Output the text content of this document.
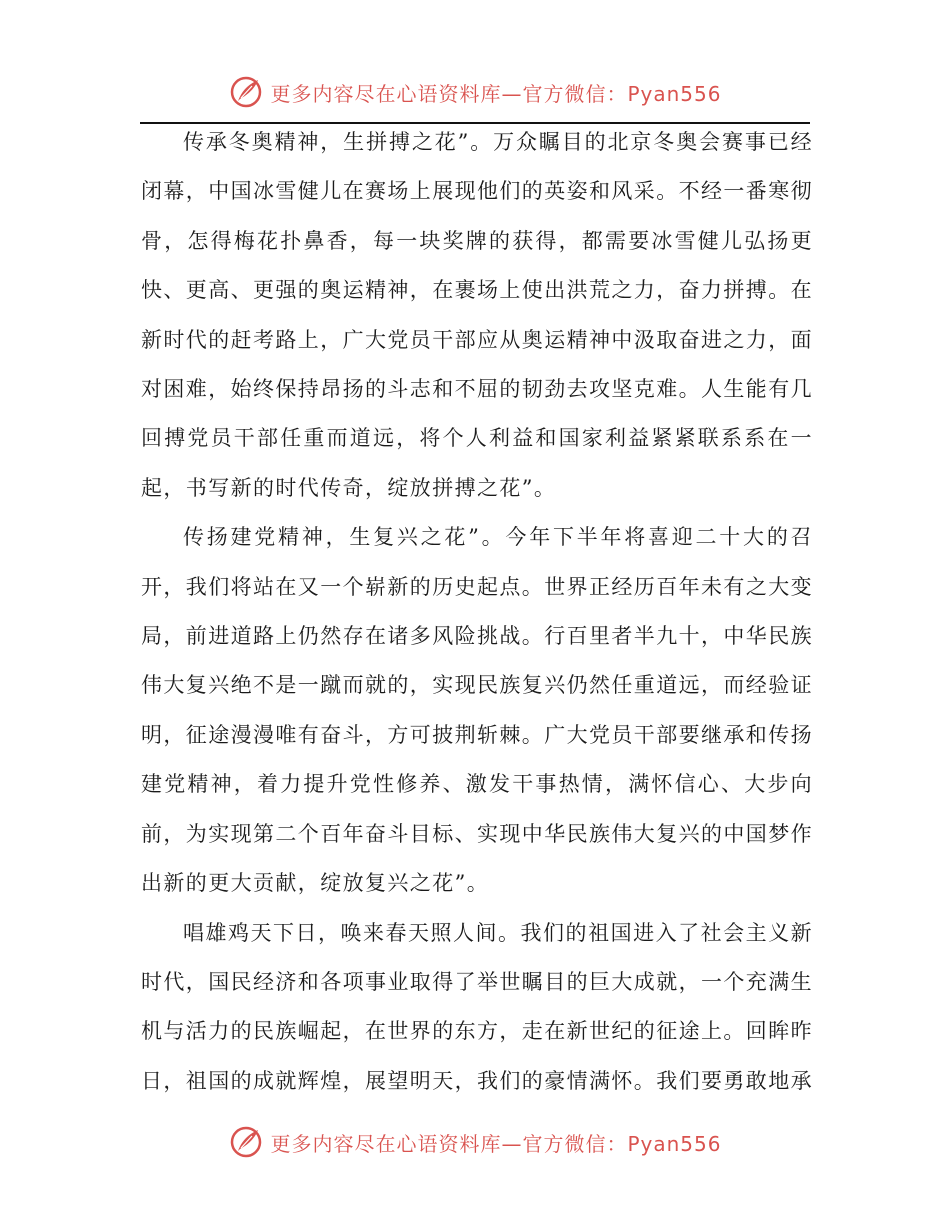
更多内容尽在心语资料库—官方微信：Pyan556

传承冬奥精神，生拼搏之花”。万众瞩目的北京冬奥会赛事已经闭幕，中国冰雪健儿在赛场上展现他们的英姿和风采。不经一番寒彻骨，怎得梅花扑鼻香，每一块奖牌的获得，都需要冰雪健儿弘扬更快、更高、更强的奥运精神，在裹场上使出洪荒之力，奋力拼搏。在新时代的赶考路上，广大党员干部应从奥运精神中汲取奋进之力，面对困难，始终保持昂扬的斗志和不屈的韧劲去攻坚克难。人生能有几回搏党员干部任重而道远，将个人利益和国家利益紧紧联系系在一起，书写新的时代传奇，绽放拼搏之花”。

传扬建党精神，生复兴之花”。今年下半年将喜迎二十大的召开，我们将站在又一个崭新的历史起点。世界正经历百年未有之大变局，前进道路上仍然存在诸多风险挑战。行百里者半九十，中华民族伟大复兴绝不是一蹴而就的，实现民族复兴仍然任重道远，而经验证明，征途漫漫唯有奋斗，方可披荆斩棘。广大党员干部要继承和传扬建党精神，着力提升党性修养、激发干事热情，满怀信心、大步向前，为实现第二个百年奋斗目标、实现中华民族伟大复兴的中国梦作出新的更大贡献，绽放复兴之花”。

唱雄鸡天下日，唤来春天照人间。我们的祖国进入了社会主义新时代，国民经济和各项事业取得了举世瞩目的巨大成就，一个充满生机与活力的民族崛起，在世界的东方，走在新世纪的征途上。回眸昨日，祖国的成就辉煌，展望明天，我们的豪情满怀。我们要勇敢地承

更多内容尽在心语资料库—官方微信：Pyan556
